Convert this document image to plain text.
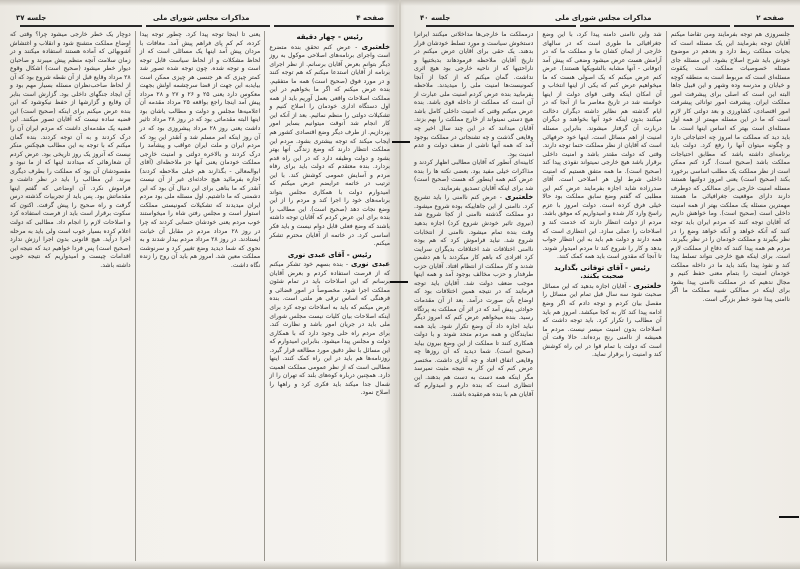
صفحه ۴
مذاکرات مجلس شورای ملی
جلسه ۳۷

رئیس - چهار دقیقه

خلعتبری - عرض کنم تحقق بنده متضرع است واجرای برنامه‌های اصلاحی موکول به روز دیگر بتوانم بعرض آقایان برسانم. از نظر اجرای برنامه از آقایان استدعا میکنم که هم توجه کنند و در مورد فوق (صحیح است) همه ما متفقیم. بنده عرض میکنم که اگر ما بخواهیم در این مملکت اصلاحات واقعی بعمل آوریم باید از همه اول دستگاه اداری خودمان را اصلاح کنیم و تشکیلات دولتی را منظم نمائیم. بعد از آنکه این کار انجام شد آنوقت میتوانیم بسایر امور بپردازیم. از طرف دیگر وضع اقتصادی کشور هم ایجاب میکند که توجه بیشتری بشود. مردم این مملکت انتظار دارند که وضع زندگی آنها بهتر بشود و دولت وظیفه دارد که در این راه قدم بردارد. بنده معتقدم که دولت باید برای رفاه مردم و آسایش عمومی کوشش کند. با این ترتیب در خاتمه عرایضم عرض میکنم که امیدوارم دولت با همکاری مجلس بتواند برنامه‌های خود را اجرا کند و مردم را از این وضع نجات دهد (صحیح است). این مطالب را بنده برای این عرض کردم که آقایان توجه داشته باشند که وضع فعلی قابل دوام نیست و باید فکر اساسی کرد. در خاتمه از آقایان محترم تشکر میکنم.

رئیس - آقای عبدی نوری

عبدی نوری - بنده بسهم خود تشکر میکنم که از فرصت استفاده کردم و بعرض آقایان برسانم که این اصلاحات باید در تمام شئون مملکت اجرا شود. مخصوصاً در امور قضائی و فرهنگی که اساس ترقی هر ملتی است. بنده عرض میکنم که باید به اصلاحات توجه کرد برای اینکه اصلاحات بیان کلیات نیست مجلس شورای ملی باید در جریان امور باشد و نظارت کند. برای مردم راه حلی وجود دارد که با همکاری دولت و مجلس پیدا میشود. بنابراین امیدوارم که این مسائل با نظر دقیق مورد مطالعه قرار گیرد. روزنامه‌ها هم باید در این راه کمک کنند. اینها مطالبی است که از نظر عمومی مملکت اهمیت دارد. همچنین درباره کوه‌های بلند که تهران را از شمال جدا میکند باید فکری کرد و راهها را اصلاح نمود.

یعنی تا اینجا توجه پیدا کرد. چطور توجه پیدا کرده، کم کم پای فراهم پیش آمد. معافات با مردان پیش آمد اینها یک مسائلی است که از لحاظ مشکلات و از لحاظ سیاست قابل توجه است و توجه شده. چون توجه شده تصور شد کمتر چیزی که هر جنسی هر چیزی ممکن است بیایدبه این جهت از قضا سرچشمه اولش بجهت معکوس دارد یعنی ۲۵ و ۲۶ و ۲۷ و ۲۸ مرداد پیش آمد اینجا راجع بواقعه ۲۵ مرداد مقدمه آن اعلامیه‌ها مجلس و دولت و مطالب یاشان بود اینها البته مقدماتی بود که در روز ۲۸ مرداد تاثیر داشت یعنی روز ۲۸ مرداد پیشروزی بود که در آن روز اینکه امر مسلم شد و آنقدر این بود که مردم ایران و ملت ایران عواقب و پیشآمد را درک کردند و بالاخره دولتی و امنیت خارجی مملکت خودمان یعنی آنها جز ملاحظه‌ای (آقای ابوالمعالی - بگذارند هم خیلی ملاحظه کردند) اجازه بفرمائید هیچ حادثه‌ای غیر از آن نیست آنقدر که ما بناهی برای این دنبال آن بود که این دشمنی که ما داشتیم. اول مسئله ملی بود مردم ایران میدیدند که تشکیلات کمونیستی مملکت استوار است و مجلس رفتن شاه را میخواستند خوب مردم یعنی خودشان حسابی کردند که چرا در روز ۲۸ مرداد مردم در مقابل آن خیانت ایستادند. در روز ۲۸ مرداد مردم بیدار شدند و به نحوی که شما دیدید وضع تغییر کرد و سرنوشت مملکت معین شد. امروز هم باید آن روح را زنده نگاه داشت.

دوچار یک خطر خارجی میشود چرا؟ وقتی که اوضاع مملکت متشنج شود و انقلاب و اغتشاش آشوبهائی که آماده هستند استفاده میکنند و در زمان سلامت آنچه منظم پیش میبرند و صاحبان دیوار خطر میشود (صحیح است) اشکال وقوع ۲۸ مرداد وقایع قبل از آن نقطه شروع بود که آن از لحاظ صاحب‌نظران مسئله بسیار مهم بود و آن ایجاد جنگهای داخلی بود. گزارش است بنابر آن وقایع و گزارشها از حفظ نیکوشود که این بنده عرض میکنم برای اینکه (صحیح است) این قضیه ساده نیست که آقایان تصور میکنند. این قضیه یک مقدمه‌ای داشت که مردم ایران آن را درک کردند و به آن توجه کردند. بنده گمان میکنم که با توجه به این مطالب هیچکس منکر نیست که آنروز یک روز تاریخی بود. عرض کردم آن شعارهائی که میدادند اینها که از ما نبود و مقصودشان آن بود که مملکت را بطرف دیگری ببرند. این مطالب را باید در نظر داشت و فراموش نکرد. آن اوضاعی که گفتم اینها مقدماتش بود. پس باید از تجربیات گذشته درس گرفت و راه صحیح را پیش گرفت. اکنون که سکوت برقرار است باید از فرصت استفاده کرد و اصلاحات لازم را انجام داد. مطالبی که دولت اعلام کرده بسیار خوب است ولی باید به مرحله اجرا درآید. هیچ قانونی بدون اجرا ارزش ندارد (صحیح است) پس فردا خواهیم دید که نتیجه این اقدامات چیست و امیدواریم که نتیجه خوبی داشته باشد.

صفحه ۲
مذاکرات مجلس شورای ملی
جلسه ۴۰

جلسروزی هم توجه بفرمایند ومن تقاضا میکنم آقایان توجه بفرمایند این یک مسئله است که بحیات مملکت ربط دارد و بعدهم در موضوع خودش باید شرح اصلاح بشود. این مسئله جای مسئله خصوصیات مملکت است یکقوت مسئله‌ای است که مربوط است به منطقه کوچه و خیابان و مدرسه وده وشهر و این قبیل جاها البته این است که اصلی برای پیشرفت امور مملکت ایران. پیشرفت امور توانائی پیشرفت امور اقتصادی، کشاورزی و بعد دولتی کار لازم است که ما در این مسئله مهمتر از همه اول مسئله‌ای است بهتر که اساس اینها است. ما باید دید که مملکت ما امروز چه احتیاجاتی دارد و چگونه میتوان آنها را رفع کرد. دولت باید برنامه‌ای داشته باشد که مطابق احتیاجات مملکت باشد (صحیح است). گرد کنم ممکن است از نظر مملکت یک مطلب اساسی برخورد بکند (صحیح است) یعنی امروز دولتیها هستند مسئله امنیت خارجی برای ممالکی که دوطرف دارند دارای موقعیت جغرافیائی ما هستند مهمترین مسئله یک مملکت بهتر از همه امنیت داخلی است (صحیح است). وما خواهش داریم که آقایان توجه کنند که مردم ایران باید توجه کنند که آنکه خواهد و آنکه خواهد وضع را در نظر بگیرند و مملکت خودمان را در نظر بگیرند. مردم هم همه پیدا کنند که دفاع از مملکت لازم است. برای اینکه هیچ خارجی نتواند تسلط پیدا کند و نفوذ پیدا بکند باید ما در داخله مملکت خودمان امنیت را بتمام معنی حفظ کنیم و مجال ندهیم که در مملکت ناامنی پیدا بشود برای اینکه در ممالکی شبیه مملکت ما اگر ناامنی پیدا شود خطر بزرگی است.

شد واین ناامنی دامنه پیدا کرد، با این وضع جغرافیائی ما طوری است که در سالهای خارجی از ایمان کشان ما و مملکت ما که در آرامش هست عرض میشود وضعی که پیش آمد (توفانی - آنها مشابه بالشویکها هستند). عرض کنم عرض میکنم که یک اصولی هست که ما میخواهیم عرض کنم که یکی از اینها انتخاب و آن امکان اینکه وقتی قوای دولت از اینها خواسته شد در تاریخ معاصر ما از آنجا که در ایام گذشته هم نظایر داشته دیگران دخالت میکنند بدون اینکه خود آنها بخواهند و دیگران دربارت آن گرفتار میشوند. بنابراین مسئله امنیت از اهم مسائل است. اینها خود حرفهائی است که آقایان از نظر مملکت حتما توجه دارند. وقتی که دولت مقتدر باشد و امنیت داخلی برقرار باشد هیچ خارجی نمیتواند نفوذی پیدا کند (صحیح است). ما همه متفق هستیم که امنیت داخلی شرط اول هر اصلاحی است. آقای صدرزاده شاید اجازه بفرمایند عرض کنم این مطلبی که گفتم وضع سابق مملکت بود حالا خیلی فرق کرده است. دولت امروز با عزم راسخ وارد کار شده و امیدواریم که موفق باشد. مردم از دولت انتظار دارند که خدمت کند و اصلاحات را عملی سازد. این انتظاری است که همه دارند و دولت هم باید به این انتظار جواب بدهد و کار را شروع کند تا مردم امیدوار شوند. تا آنجا که مقدور است باید همه کمک کنند.

رئیس - آقای توفانی بگذارید صحبت بکنند.

خلعتبری - آقایان اجازه بدهید که این مسائل صحبت شود سه سال قبل تمام این مسائل را مفصل بیان کردم و توجه دادم که اگر وضع ادامه پیدا کند کار به کجا میکشد. امروز هم باید آن مطالب را تکرار کرد. باید توجه داشت که اصلاحات بدون امنیت میسر نیست. مردم ما همیشه از ناامنی رنج برده‌اند. حالا وقت آن است که دولت با تمام قوا در این راه کوشش کند و امنیت را برقرار نماید.

درمملکت ما خارجی‌ها مداخلاتی میکنند ایرانرا دستخوش سیاست و مورد تسلط خودشان قرار بدهند. یک حقی برای آقایان عرض میکنم در تاریخ آقایان ملاحظه فرمودهاند بدبختیها و ناراحتیها که از ناحیه خارجی بود هیچ اثری نداشت. گمان میکنم که از کجا از آنجا کمونیست‌ها امنیت ملی را میدیدند. ملاحظه بفرمایید بنده عرض کردم امنیت ملی عبارت از آن است که مملکت از داخله قوی باشد. بنده عرض میکنم وقتی که امنیت داخلی کامل باشد هیچ دستی نمیتواند از خارج مملکت را بهم بزند. آقایان میدانند که در این چند سال اخیر چه وقایعی گذشت و چه تشنجاتی در مملکت بوجود آمد که همه آنها ناشی از ضعف دولت و عدم امنیت بود.

کابینه‌ای آنطور که آقایان مطالبی اظهار کردند و مذاکرات خیلی مفید بود. بعضی نکته ها را بنده عرض کنم همه اینطور که هست (صحیح است) شد برای اینکه آقایان تصدیق بفرمایند.

خلعتبری - عرض کنم ناامنی را باید تشریح کرد. ناامنی از این جاهاییکه بوده شروع میشود. دو مملکت گذشته ناامنی از کجا شروع شد (نیروی تاثیر خودش شروع کرد) اجازه بدهید وقت بنده تمام میشود. ناامنی از انتخابات شروع شد. نباید فراموش کرد که هم بوده ناامنی اختلافات شد اختلافات بدیگران سرایت کرد افرادی که باهم کار میکردند با هم دشمن شدند و کار مملکت از انتظام افتاد. آقایان حزب طرفدار و حزب مخالف بوجود آمد و همه اینها موجب ضعف دولت شد. آقایان باید توجه فرمایند که در نتیجه همین اختلافات بود که اوضاع بآن صورت درآمد. بعد از آن مقدمات حوادثی پیش آمد که در اثر آن مملکت به پرتگاه رسید. بنده میخواهم عرض کنم که امروز دیگر نباید اجازه داد آن وضع تکرار شود. باید همه نمایندگان و همه مردم متحد شوند و با دولت همکاری کنند تا مملکت از این وضع بیرون بیاید (صحیح است). شما دیدید که آن روزها چه وقایعی اتفاق افتاد و چه آثاری داشت. مختصر عرض کنم که این کار به نتیجه مثبت نمیرسد مگر اینکه همه دست به دست هم بدهند. این انتظاری است که بنده دارم و امیدوارم که آقایان هم با بنده هم‌عقیده باشند.
